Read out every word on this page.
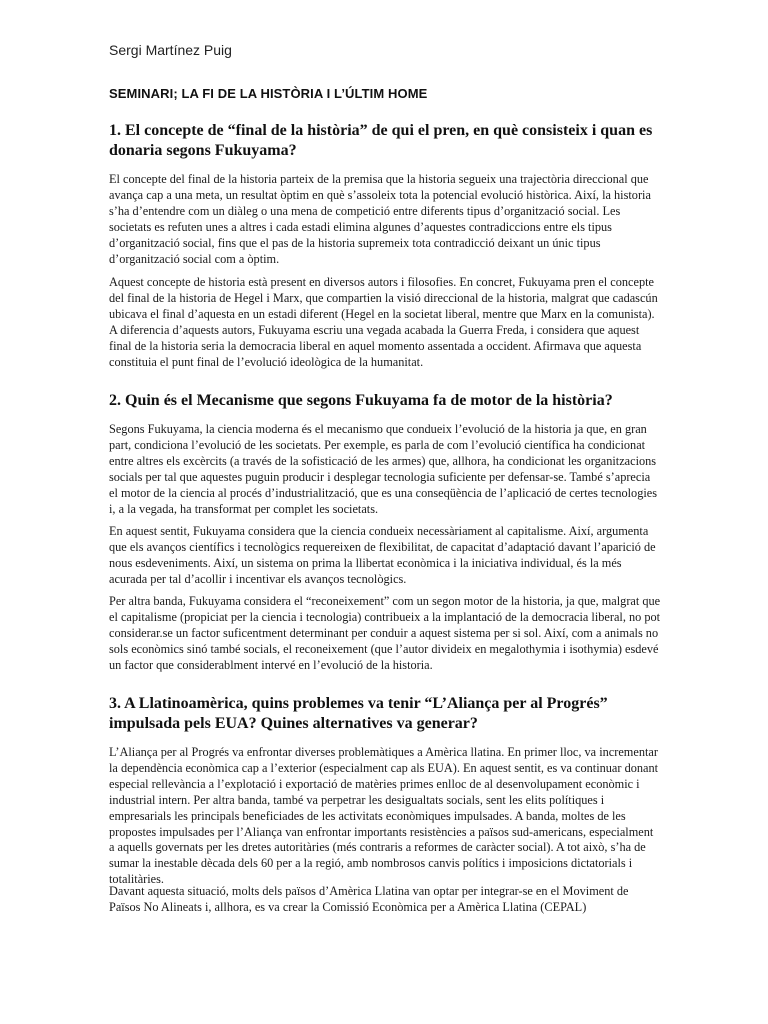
Sergi Martínez Puig
SEMINARI; LA FI DE LA HISTÒRIA I L’ÚLTIM HOME
1. El concepte de “final de la història” de qui el pren, en què consisteix i quan es donaria segons Fukuyama?

El concepte del final de la historia parteix de la premisa que la historia segueix una trajectòria direccional que avança cap a una meta, un resultat òptim en què s’assoleix tota la potencial evolució històrica. Així, la historia s’ha d’entendre com un diàleg o una mena de competició entre diferents tipus d’organització social. Les societats es refuten unes a altres i cada estadi elimina algunes d’aquestes contradiccions entre els tipus d’organització social, fins que el pas de la historia supremeix tota contradicció deixant un únic tipus d’organització social com a òptim.

Aquest concepte de historia està present en diversos autors i filosofies. En concret, Fukuyama pren el concepte del final de la historia de Hegel i Marx, que compartien la visió direccional de la historia, malgrat que cadascún ubicava el final d’aquesta en un estadi diferent (Hegel en la societat liberal, mentre que Marx en la comunista). A diferencia d’aquests autors, Fukuyama escriu una vegada acabada la Guerra Freda, i considera que aquest final de la historia seria la democracia liberal en aquel momento assentada a occident. Afirmava que aquesta constituia el punt final de l’evolució ideològica de la humanitat.

2. Quin és el Mecanisme que segons Fukuyama fa de motor de la història?

Segons Fukuyama, la ciencia moderna és el mecanismo que condueix l’evolució de la historia ja que, en gran part, condiciona l’evolució de les societats. Per exemple, es parla de com l’evolució científica ha condicionat entre altres els excèrcits (a través de la sofisticació de les armes) que, allhora, ha condicionat les organitzacions socials per tal que aquestes puguin producir i desplegar tecnologia suficiente per defensar-se. També s’aprecia el motor de la ciencia al procés d’industrialització, que es una conseqüència de l’aplicació de certes tecnologies i, a la vegada, ha transformat per complet les societats.

En aquest sentit, Fukuyama considera que la ciencia condueix necessàriament al capitalisme. Així, argumenta que els avanços científics i tecnològics requereixen de flexibilitat, de capacitat d’adaptació davant l’aparició de nous esdeveniments. Així, un sistema on prima la llibertat econòmica i la iniciativa individual, és la més acurada per tal d’acollir i incentivar els avanços tecnològics.

Per altra banda, Fukuyama considera el “reconeixement” com un segon motor de la historia, ja que, malgrat que el capitalisme (propiciat per la ciencia i tecnologia) contribueix a la implantació de la democracia liberal, no pot considerar.se un factor suficentment determinant per conduir a aquest sistema per si sol. Així, com a animals no sols econòmics sinó també socials, el reconeixement (que l’autor divideix en megalothymia i isothymia) esdevé un factor que considerablment intervé en l’evolució de la historia.

3. A Llatinoamèrica, quins problemes va tenir “L’Aliança per al Progrés” impulsada pels EUA? Quines alternatives va generar?

L’Aliança per al Progrés va enfrontar diverses problemàtiques a Amèrica llatina. En primer lloc, va incrementar la dependència econòmica cap a l’exterior (especialment cap als EUA). En aquest sentit, es va continuar donant especial rellevància a l’explotació i exportació de matèries primes enlloc de al desenvolupament econòmic i industrial intern. Per altra banda, també va perpetrar les desigualtats socials, sent les elits polítiques i empresarials les principals beneficiades de les activitats econòmiques impulsades. A banda, moltes de les propostes impulsades per l’Aliança van enfrontar importants resistències a països sud-americans, especialment a aquells governats per les dretes autoritàries (més contraris a reformes de caràcter social). A tot això, s’ha de sumar la inestable dècada dels 60 per a la regió, amb nombrosos canvis polítics i imposicions dictatorials i totalitàries.

Davant aquesta situació, molts dels països d’Amèrica Llatina van optar per integrar-se en el Moviment de Països No Alineats i, allhora, es va crear la Comissió Econòmica per a Amèrica Llatina (CEPAL)
